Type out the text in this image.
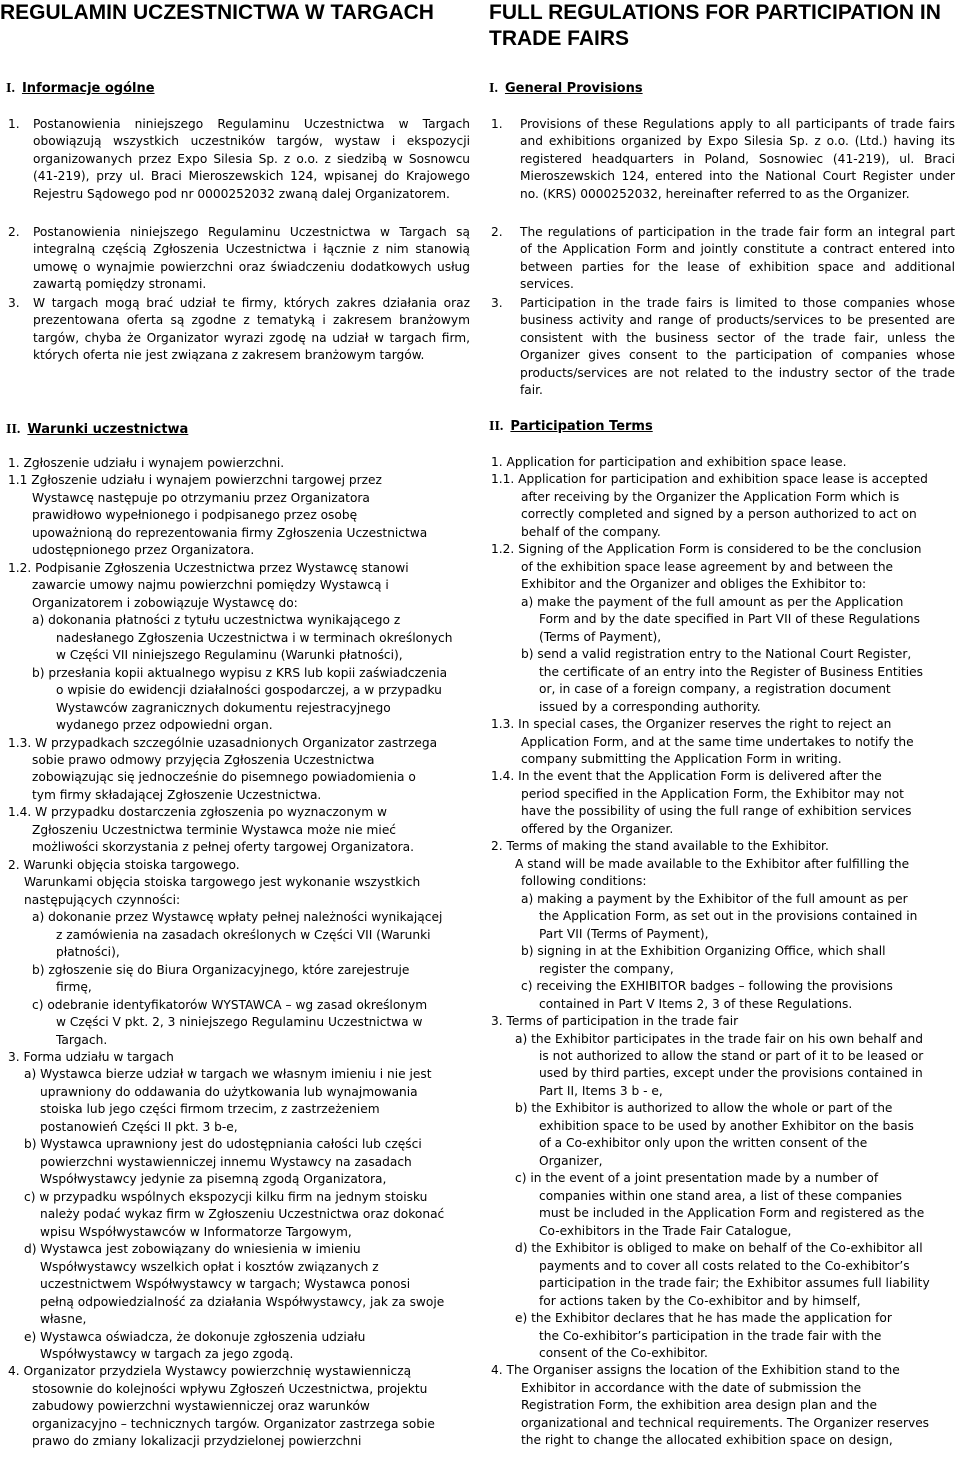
REGULAMIN UCZESTNICTWA W TARGACH
I. Informacje ogólne
1. Postanowienia niniejszego Regulaminu Uczestnictwa w Targach obowiązują wszystkich uczestników targów, wystaw i ekspozycji organizowanych przez Expo Silesia Sp. z o.o. z siedzibą w Sosnowcu (41-219), przy ul. Braci Mieroszewskich 124, wpisanej do Krajowego Rejestru Sądowego pod nr 0000252032 zwaną dalej Organizatorem.
2. Postanowienia niniejszego Regulaminu Uczestnictwa w Targach są integralną częścią Zgłoszenia Uczestnictwa i łącznie z nim stanowią umowę o wynajmie powierzchni oraz świadczeniu dodatkowych usług zawartą pomiędzy stronami.
3. W targach mogą brać udział te firmy, których zakres działania oraz prezentowana oferta są zgodne z tematyką i zakresem branżowym targów, chyba że Organizator wyrazi zgodę na udział w targach firm, których oferta nie jest związana z zakresem branżowym targów.
II. Warunki uczestnictwa
1. Zgłoszenie udziału i wynajem powierzchni.
1.1 Zgłoszenie udziału i wynajem powierzchni targowej przez
Wystawcę następuje po otrzymaniu przez Organizatora
prawidłowo wypełnionego i podpisanego przez osobę
upoważnioną do reprezentowania firmy Zgłoszenia Uczestnictwa
udostępnionego przez Organizatora.
1.2. Podpisanie Zgłoszenia Uczestnictwa przez Wystawcę stanowi
zawarcie umowy najmu powierzchni pomiędzy Wystawcą i
Organizatorem i zobowiązuje Wystawcę do:
a) dokonania płatności z tytułu uczestnictwa wynikającego z
nadesłanego Zgłoszenia Uczestnictwa i w terminach określonych
w Części VII niniejszego Regulaminu (Warunki płatności),
b) przesłania kopii aktualnego wypisu z KRS lub kopii zaświadczenia
o wpisie do ewidencji działalności gospodarczej, a w przypadku
Wystawców zagranicznych dokumentu rejestracyjnego
wydanego przez odpowiedni organ.
1.3. W przypadkach szczególnie uzasadnionych Organizator zastrzega
sobie prawo odmowy przyjęcia Zgłoszenia Uczestnictwa
zobowiązując się jednocześnie do pisemnego powiadomienia o
tym firmy składającej Zgłoszenie Uczestnictwa.
1.4. W przypadku dostarczenia zgłoszenia po wyznaczonym w
Zgłoszeniu Uczestnictwa terminie Wystawca może nie mieć
możliwości skorzystania z pełnej oferty targowej Organizatora.
2. Warunki objęcia stoiska targowego.
Warunkami objęcia stoiska targowego jest wykonanie wszystkich
następujących czynności:
a) dokonanie przez Wystawcę wpłaty pełnej należności wynikającej
z zamówienia na zasadach określonych w Części VII (Warunki
płatności),
b) zgłoszenie się do Biura Organizacyjnego, które zarejestruje
firmę,
c) odebranie identyfikatorów WYSTAWCA – wg zasad określonym
w Części V pkt. 2, 3 niniejszego Regulaminu Uczestnictwa w
Targach.
3. Forma udziału w targach
a) Wystawca bierze udział w targach we własnym imieniu i nie jest
uprawniony do oddawania do użytkowania lub wynajmowania
stoiska lub jego części firmom trzecim, z zastrzeżeniem
postanowień Części II pkt. 3 b-e,
b) Wystawca uprawniony jest do udostępniania całości lub części
powierzchni wystawienniczej innemu Wystawcy na zasadach
Współwystawcy jedynie za pisemną zgodą Organizatora,
c) w przypadku wspólnych ekspozycji kilku firm na jednym stoisku
należy podać wykaz firm w Zgłoszeniu Uczestnictwa oraz dokonać
wpisu Współwystawców w Informatorze Targowym,
d) Wystawca jest zobowiązany do wniesienia w imieniu
Współwystawcy wszelkich opłat i kosztów związanych z
uczestnictwem Współwystawcy w targach; Wystawca ponosi
pełną odpowiedzialność za działania Współwystawcy, jak za swoje
własne,
e) Wystawca oświadcza, że dokonuje zgłoszenia udziału
Współwystawcy w targach za jego zgodą.
4. Organizator przydziela Wystawcy powierzchnię wystawienniczą
stosownie do kolejności wpływu Zgłoszeń Uczestnictwa, projektu
zabudowy powierzchni wystawienniczej oraz warunków
organizacyjno – technicznych targów. Organizator zastrzega sobie
prawo do zmiany lokalizacji przydzielonej powierzchni
FULL REGULATIONS FOR PARTICIPATION IN TRADE FAIRS
I. General Provisions
1. Provisions of these Regulations apply to all participants of trade fairs and exhibitions organized by Expo Silesia Sp. z o.o. (Ltd.) having its registered headquarters in Poland, Sosnowiec (41-219), ul. Braci Mieroszewskich 124, entered into the National Court Register under no. (KRS) 0000252032, hereinafter referred to as the Organizer.
2. The regulations of participation in the trade fair form an integral part of the Application Form and jointly constitute a contract entered into between parties for the lease of exhibition space and additional services.
3. Participation in the trade fairs is limited to those companies whose business activity and range of products/services to be presented are consistent with the business sector of the trade fair, unless the Organizer gives consent to the participation of companies whose products/services are not related to the industry sector of the trade fair.
II. Participation Terms
1. Application for participation and exhibition space lease.
1.1. Application for participation and exhibition space lease is accepted
after receiving by the Organizer the Application Form which is
correctly completed and signed by a person authorized to act on
behalf of the company.
1.2. Signing of the Application Form is considered to be the conclusion
of the exhibition space lease agreement by and between the
Exhibitor and the Organizer and obliges the Exhibitor to:
a) make the payment of the full amount as per the Application
Form and by the date specified in Part VII of these Regulations
(Terms of Payment),
b) send a valid registration entry to the National Court Register,
the certificate of an entry into the Register of Business Entities
or, in case of a foreign company, a registration document
issued by a corresponding authority.
1.3. In special cases, the Organizer reserves the right to reject an
Application Form, and at the same time undertakes to notify the
company submitting the Application Form in writing.
1.4. In the event that the Application Form is delivered after the
period specified in the Application Form, the Exhibitor may not
have the possibility of using the full range of exhibition services
offered by the Organizer.
2. Terms of making the stand available to the Exhibitor.
A stand will be made available to the Exhibitor after fulfilling the
following conditions:
a) making a payment by the Exhibitor of the full amount as per
the Application Form, as set out in the provisions contained in
Part VII (Terms of Payment),
b) signing in at the Exhibition Organizing Office, which shall
register the company,
c) receiving the EXHIBITOR badges – following the provisions
contained in Part V Items 2, 3 of these Regulations.
3. Terms of participation in the trade fair
a) the Exhibitor participates in the trade fair on his own behalf and
is not authorized to allow the stand or part of it to be leased or
used by third parties, except under the provisions contained in
Part II, Items 3 b - e,
b) the Exhibitor is authorized to allow the whole or part of the
exhibition space to be used by another Exhibitor on the basis
of a Co-exhibitor only upon the written consent of the
Organizer,
c) in the event of a joint presentation made by a number of
companies within one stand area, a list of these companies
must be included in the Application Form and registered as the
Co-exhibitors in the Trade Fair Catalogue,
d) the Exhibitor is obliged to make on behalf of the Co-exhibitor all
payments and to cover all costs related to the Co-exhibitor’s
participation in the trade fair; the Exhibitor assumes full liability
for actions taken by the Co-exhibitor and by himself,
e) the Exhibitor declares that he has made the application for
the Co-exhibitor’s participation in the trade fair with the
consent of the Co-exhibitor.
4. The Organiser assigns the location of the Exhibition stand to the
Exhibitor in accordance with the date of submission the
Registration Form, the exhibition area design plan and the
organizational and technical requirements. The Organizer reserves
the right to change the allocated exhibition space on design,
